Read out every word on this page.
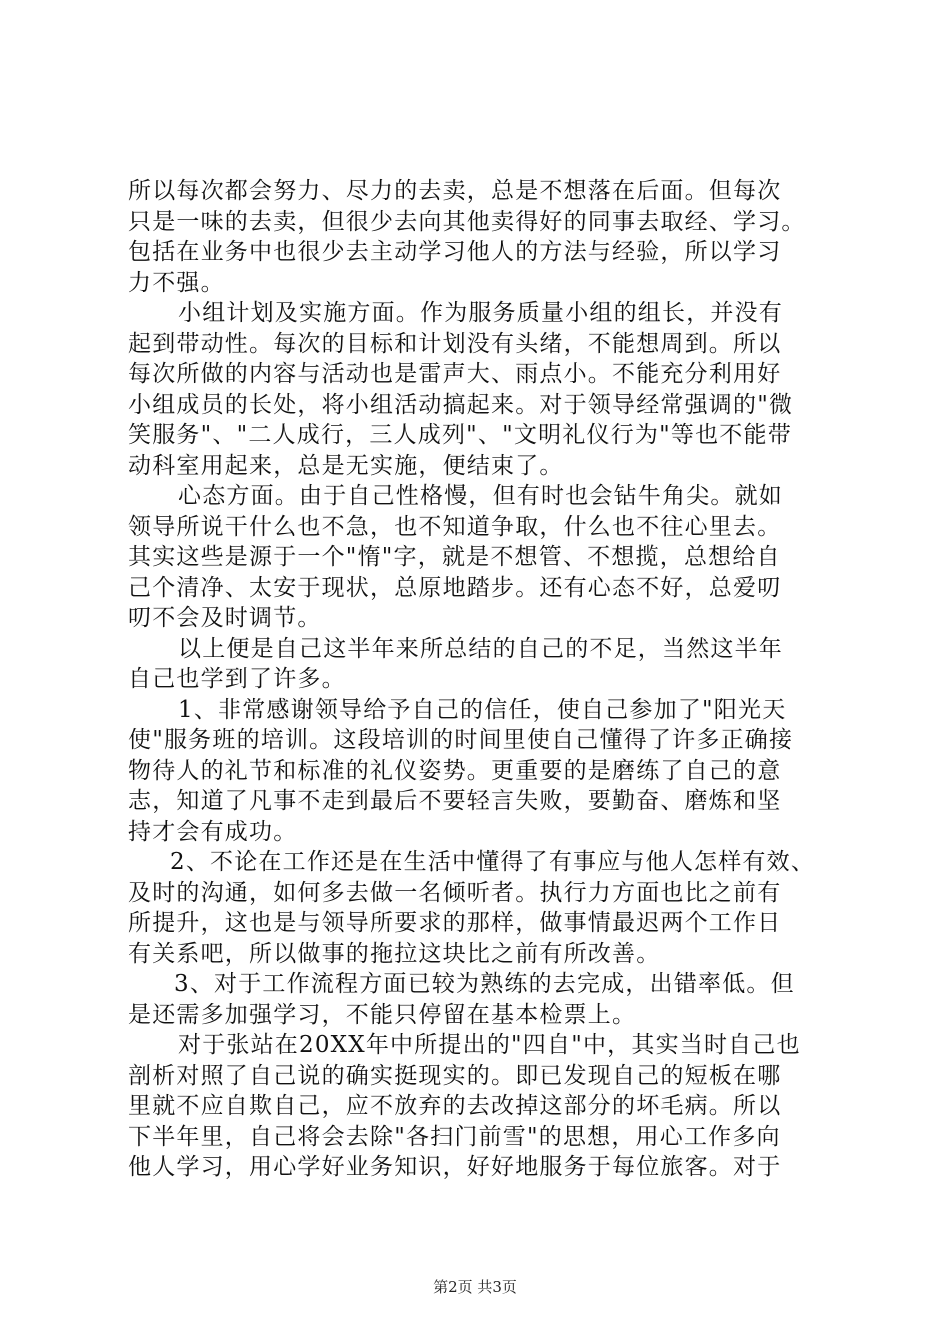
所以每次都会努力、尽力的去卖，总是不想落在后面。但每次
只是一味的去卖，但很少去向其他卖得好的同事去取经、学习。
包括在业务中也很少去主动学习他人的方法与经验，所以学习
力不强。
小组计划及实施方面。作为服务质量小组的组长，并没有
起到带动性。每次的目标和计划没有头绪，不能想周到。所以
每次所做的内容与活动也是雷声大、雨点小。不能充分利用好
小组成员的长处，将小组活动搞起来。对于领导经常强调的"微
笑服务"、"二人成行，三人成列"、"文明礼仪行为"等也不能带
动科室用起来，总是无实施，便结束了。
心态方面。由于自己性格慢，但有时也会钻牛角尖。就如
领导所说干什么也不急，也不知道争取，什么也不往心里去。
其实这些是源于一个"惰"字，就是不想管、不想揽，总想给自
己个清净、太安于现状，总原地踏步。还有心态不好，总爱叨
叨不会及时调节。
以上便是自己这半年来所总结的自己的不足，当然这半年
自己也学到了许多。
1、非常感谢领导给予自己的信任，使自己参加了"阳光天
使"服务班的培训。这段培训的时间里使自己懂得了许多正确接
物待人的礼节和标准的礼仪姿势。更重要的是磨练了自己的意
志，知道了凡事不走到最后不要轻言失败，要勤奋、磨炼和坚
持才会有成功。
2、不论在工作还是在生活中懂得了有事应与他人怎样有效、
及时的沟通，如何多去做一名倾听者。执行力方面也比之前有
所提升，这也是与领导所要求的那样，做事情最迟两个工作日
有关系吧，所以做事的拖拉这块比之前有所改善。
3、对于工作流程方面已较为熟练的去完成，出错率低。但
是还需多加强学习，不能只停留在基本检票上。
对于张站在20XX年中所提出的"四自"中，其实当时自己也
剖析对照了自己说的确实挺现实的。即已发现自己的短板在哪
里就不应自欺自己，应不放弃的去改掉这部分的坏毛病。所以
下半年里，自己将会去除"各扫门前雪"的思想，用心工作多向
他人学习，用心学好业务知识，好好地服务于每位旅客。对于
第2页 共3页
